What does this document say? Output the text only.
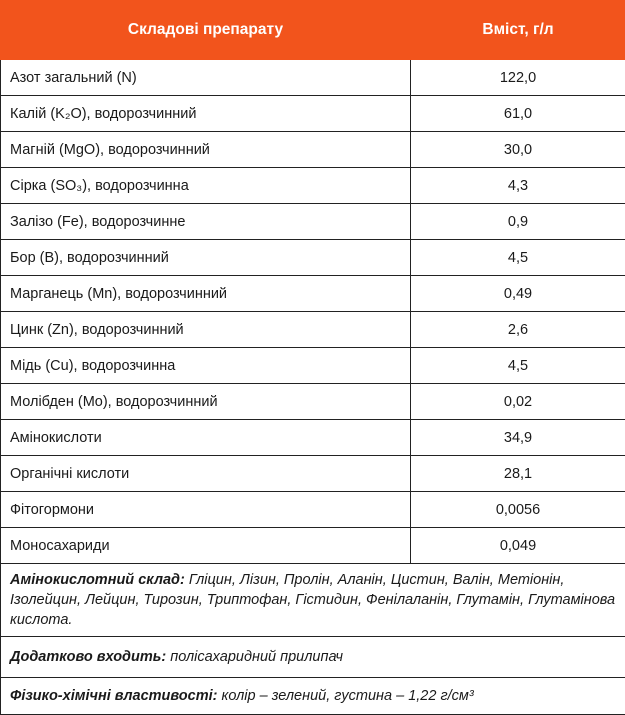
Складові препарату	Вміст, г/л
Азот загальний (N)	122,0
Калій (K₂O), водорозчинний	61,0
Магній (MgO), водорозчинний	30,0
Сірка (SO₃), водорозчинна	4,3
Залізо (Fe), водорозчинне	0,9
Бор (B), водорозчинний	4,5
Марганець (Mn), водорозчинний	0,49
Цинк (Zn), водорозчинний	2,6
Мідь (Cu), водорозчинна	4,5
Молібден (Mo), водорозчинний	0,02
Амінокислоти	34,9
Органічні кислоти	28,1
Фітогормони	0,0056
Моносахариди	0,049
Амінокислотний склад: Гліцин, Лізин, Пролін, Аланін, Цистин, Валін, Метіонін, Ізолейцин, Лейцин, Тирозин, Триптофан, Гістидин, Фенілаланін, Глутамін, Глутамінова кислота.	
Додатково входить: полісахаридний прилипач	
Фізико-хімічні властивості: колір – зелений, густина – 1,22 г/см³	
